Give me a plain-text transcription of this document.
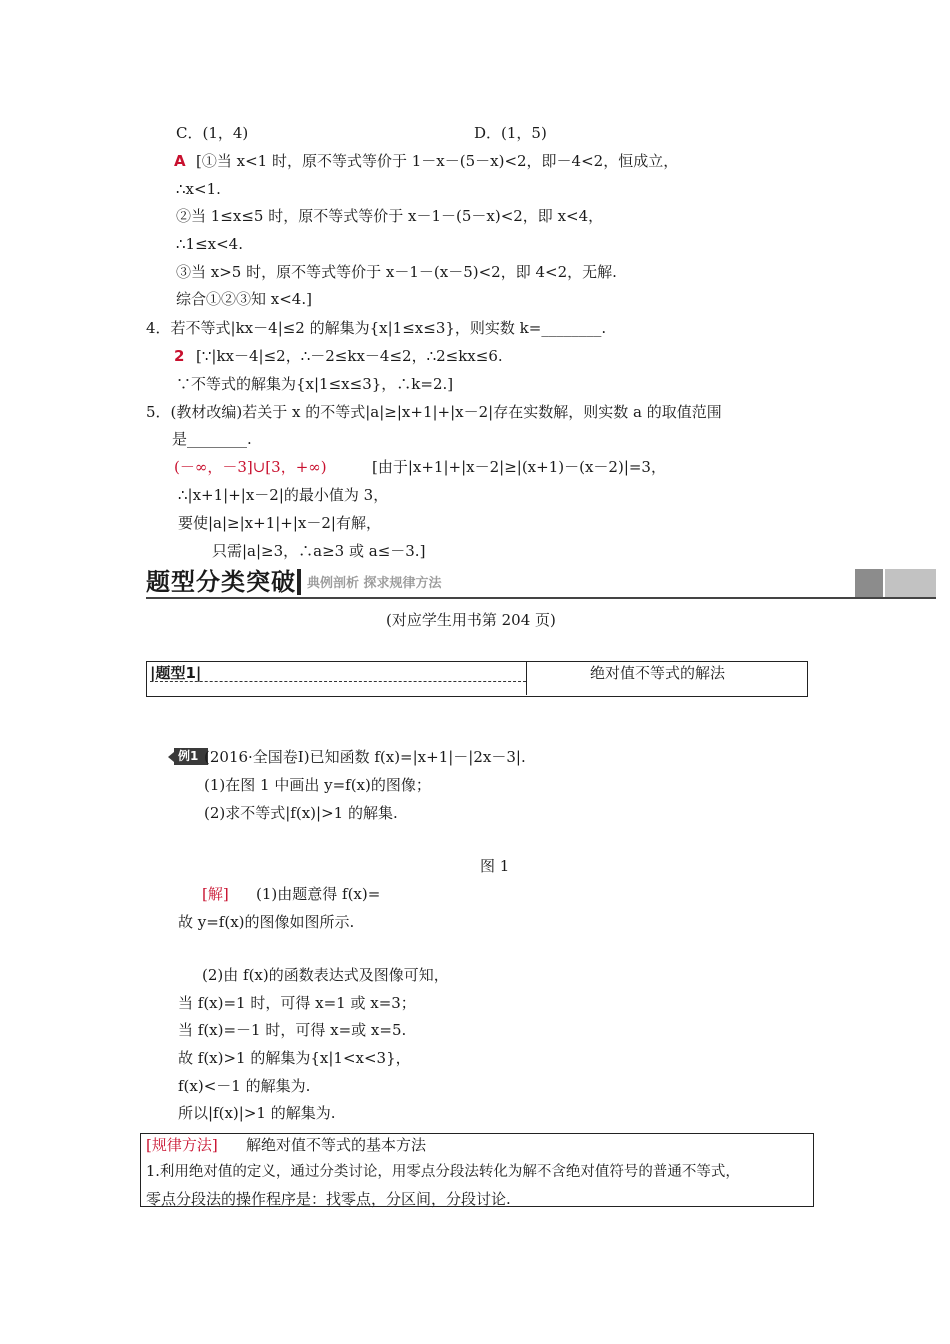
C．(1，4)	D．(1，5)
A [①当 x<1 时，原不等式等价于 1－x－(5－x)<2，即－4<2，恒成立，
∴x<1.
②当 1≤x≤5 时，原不等式等价于 x－1－(5－x)<2，即 x<4，
∴1≤x<4.
③当 x>5 时，原不等式等价于 x－1－(x－5)<2，即 4<2，无解.
综合①②③知 x<4.]
4．若不等式|kx－4|≤2 的解集为{x|1≤x≤3}，则实数 k=________.
2 [∵|kx－4|≤2，∴－2≤kx－4≤2，∴2≤kx≤6.
∵不等式的解集为{x|1≤x≤3}，∴k=2.]
5．(教材改编)若关于 x 的不等式|a|≥|x+1|+|x－2|存在实数解，则实数 a 的取值范围
是________.
(－∞，－3]∪[3，+∞)	[由于|x+1|+|x－2|≥|(x+1)－(x－2)|=3，
∴|x+1|+|x－2|的最小值为 3，
要使|a|≥|x+1|+|x－2|有解，
只需|a|≥3，∴a≥3 或 a≤－3.]
题型分类突破 典例剖析 探求规律方法
(对应学生用书第 204 页)
|题型1|	绝对值不等式的解法
例1 (2016·全国卷Ⅰ)已知函数 f(x)=|x+1|－|2x－3|.
(1)在图 1 中画出 y=f(x)的图像；
(2)求不等式|f(x)|>1 的解集.
图 1
[解] (1)由题意得 f(x)=
故 y=f(x)的图像如图所示.
(2)由 f(x)的函数表达式及图像可知，
当 f(x)=1 时，可得 x=1 或 x=3；
当 f(x)=－1 时，可得 x=或 x=5.
故 f(x)>1 的解集为{x|1<x<3}，
f(x)<－1 的解集为.
所以|f(x)|>1 的解集为.
[规律方法] 解绝对值不等式的基本方法
1.利用绝对值的定义，通过分类讨论，用零点分段法转化为解不含绝对值符号的普通不等式，
零点分段法的操作程序是：找零点，分区间，分段讨论.
